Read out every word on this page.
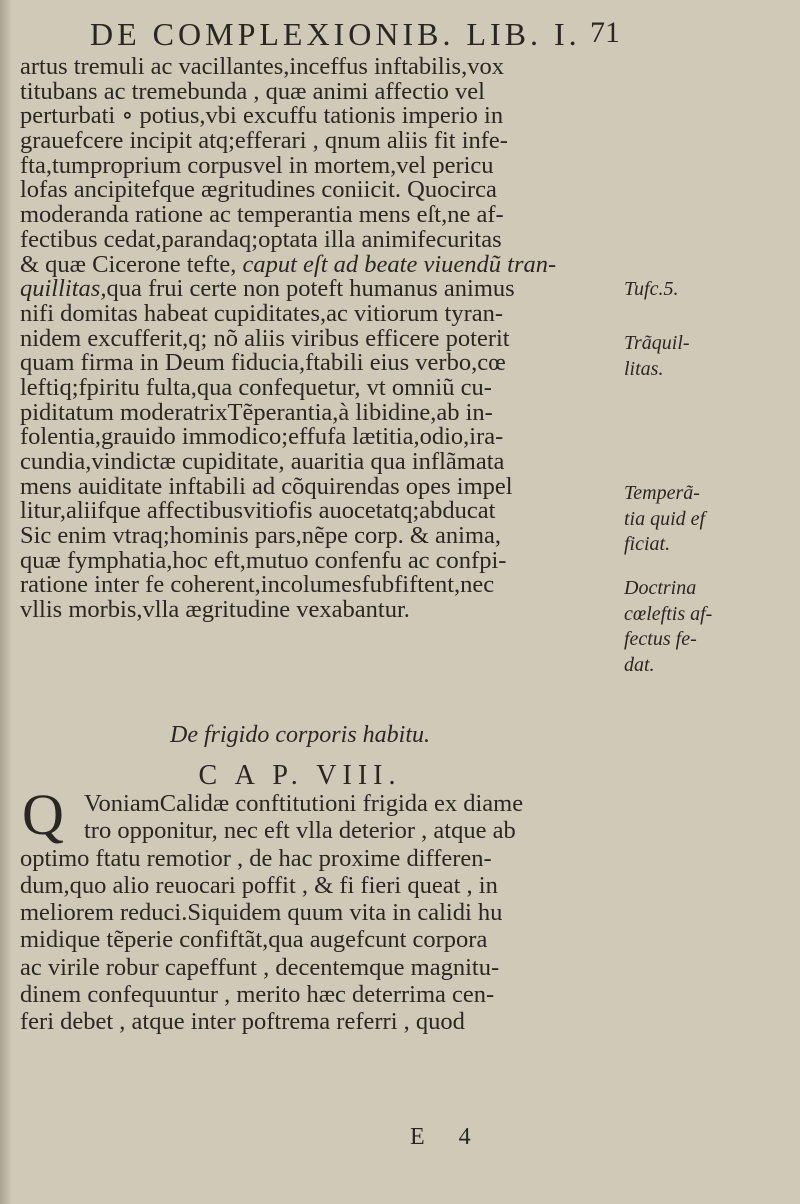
DE COMPLEXIONIB. LIB. I. 71
artus tremuli ac vacillantes,inceffus inftabilis,vox
titubans ac tremebunda , quæ animi affectio vel
perturbati ∘ potius,vbi excuffu tationis imperio in
grauefcere incipit atq;efferari , qnum aliis fit infe-
fta,tumproprium corpusvel in mortem,vel pericu
lofas ancipitefque ægritudines coniicit. Quocirca
moderanda ratione ac temperantia mens eſt,ne af-
fectibus cedat,parandaq;optata illa animifecuritas
& quæ Cicerone tefte, caput eſt ad beate viuendũ tran-
quillitas,qua frui certe non poteft humanus animus
nifi domitas habeat cupiditates,ac vitiorum tyran-
nidem excufferit,q; nõ aliis viribus efficere poterit
quam firma in Deum fiducia,ftabili eius verbo,cœ
leftiq;fpiritu fulta,qua confequetur, vt omniũ cu-
piditatum moderatrixTẽperantia,à libidine,ab in-
folentia,grauido immodico;effufa lætitia,odio,ira-
cundia,vindictæ cupiditate, auaritia qua inflãmata
mens auiditate inftabili ad cõquirendas opes impel
litur,aliifque affectibusvitiofis auocetatq;abducat
Sic enim vtraq;hominis pars,nẽpe corp. & anima,
quæ fymphatia,hoc eft,mutuo confenfu ac confpi-
ratione inter fe coherent,incolumesfubfiftent,nec
vllis morbis,vlla ægritudine vexabantur.
Tufc.5.
Trãquil-
litas.
Temperã-
tia quid ef
ficiat.
Doctrina
cœleftis af-
fectus fe-
dat.
De frigido corporis habitu.
C A P. VIII.
Q VoniamCalidæ conftitutioni frigida ex diame
tro opponitur, nec eft vlla deterior , atque ab
optimo ftatu remotior , de hac proxime differen-
dum,quo alio reuocari poffit , & fi fieri queat , in
meliorem reduci.Siquidem quum vita in calidi hu
midique tẽperie confiftãt,qua augefcunt corpora
ac virile robur capeffunt , decentemque magnitu-
dinem confequuntur , merito hæc deterrima cen-
feri debet , atque inter poftrema referri , quod
E 4
